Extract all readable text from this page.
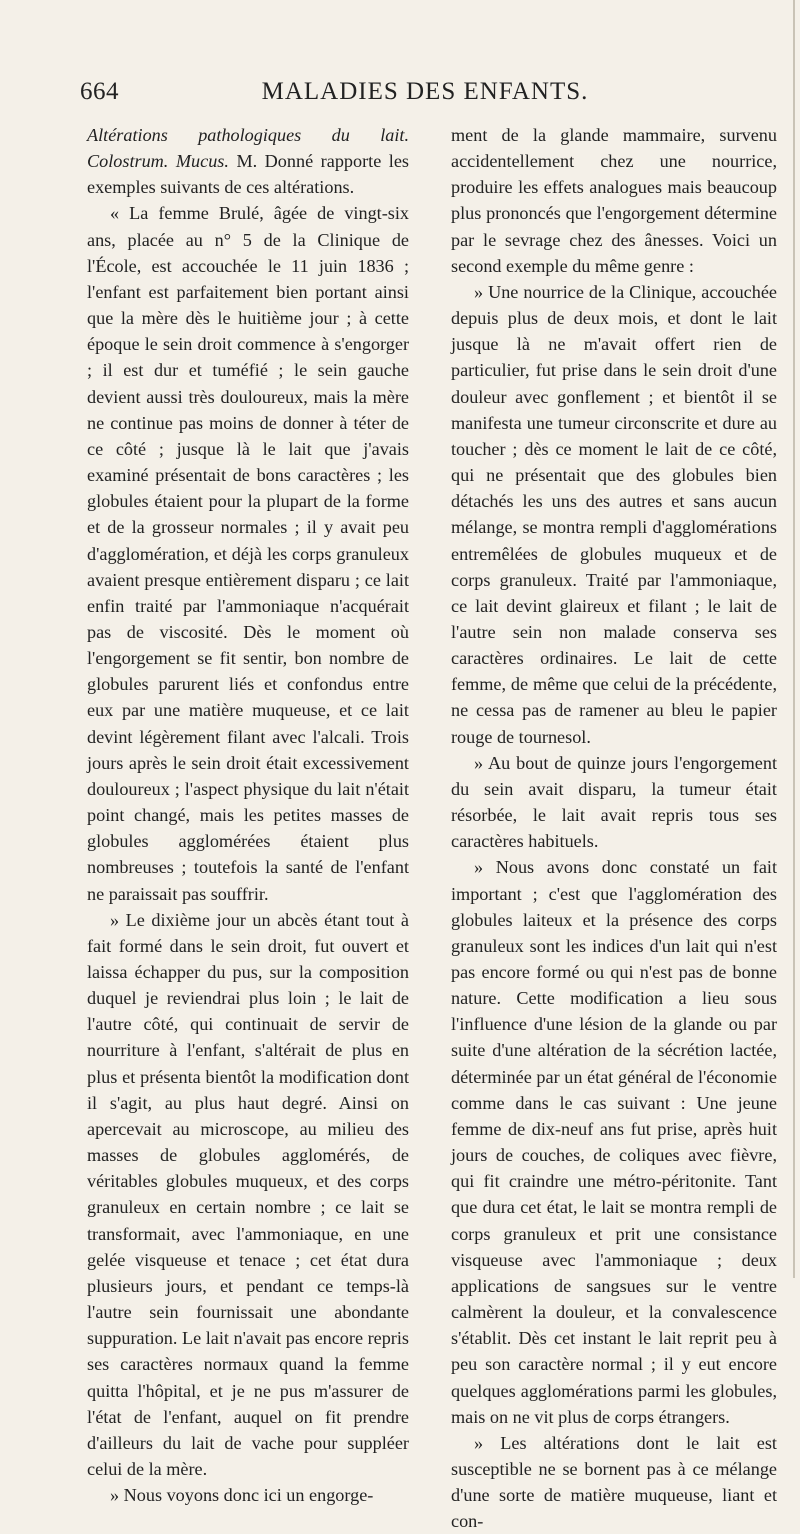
664	MALADIES DES ENFANTS.

Altérations pathologiques du lait. Colostrum. Mucus. M. Donné rapporte les exemples suivants de ces altérations.

« La femme Brulé, âgée de vingt-six ans, placée au n° 5 de la Clinique de l'École, est accouchée le 11 juin 1836 ; l'enfant est parfaitement bien portant ainsi que la mère dès le huitième jour ; à cette époque le sein droit commence à s'engorger ; il est dur et tuméfié ; le sein gauche devient aussi très douloureux, mais la mère ne continue pas moins de donner à téter de ce côté ; jusque là le lait que j'avais examiné présentait de bons caractères ; les globules étaient pour la plupart de la forme et de la grosseur normales ; il y avait peu d'agglomération, et déjà les corps granuleux avaient presque entièrement disparu ; ce lait enfin traité par l'ammoniaque n'acquérait pas de viscosité. Dès le moment où l'engorgement se fit sentir, bon nombre de globules parurent liés et confondus entre eux par une matière muqueuse, et ce lait devint légèrement filant avec l'alcali. Trois jours après le sein droit était excessivement douloureux ; l'aspect physique du lait n'était point changé, mais les petites masses de globules agglomérées étaient plus nombreuses ; toutefois la santé de l'enfant ne paraissait pas souffrir.

» Le dixième jour un abcès étant tout à fait formé dans le sein droit, fut ouvert et laissa échapper du pus, sur la composition duquel je reviendrai plus loin ; le lait de l'autre côté, qui continuait de servir de nourriture à l'enfant, s'altérait de plus en plus et présenta bientôt la modification dont il s'agit, au plus haut degré. Ainsi on apercevait au microscope, au milieu des masses de globules agglomérés, de véritables globules muqueux, et des corps granuleux en certain nombre ; ce lait se transformait, avec l'ammoniaque, en une gelée visqueuse et tenace ; cet état dura plusieurs jours, et pendant ce temps-là l'autre sein fournissait une abondante suppuration. Le lait n'avait pas encore repris ses caractères normaux quand la femme quitta l'hôpital, et je ne pus m'assurer de l'état de l'enfant, auquel on fit prendre d'ailleurs du lait de vache pour suppléer celui de la mère.

» Nous voyons donc ici un engorge-

ment de la glande mammaire, survenu accidentellement chez une nourrice, produire les effets analogues mais beaucoup plus prononcés que l'engorgement détermine par le sevrage chez des ânesses. Voici un second exemple du même genre :

» Une nourrice de la Clinique, accouchée depuis plus de deux mois, et dont le lait jusque là ne m'avait offert rien de particulier, fut prise dans le sein droit d'une douleur avec gonflement ; et bientôt il se manifesta une tumeur circonscrite et dure au toucher ; dès ce moment le lait de ce côté, qui ne présentait que des globules bien détachés les uns des autres et sans aucun mélange, se montra rempli d'agglomérations entremêlées de globules muqueux et de corps granuleux. Traité par l'ammoniaque, ce lait devint glaireux et filant ; le lait de l'autre sein non malade conserva ses caractères ordinaires. Le lait de cette femme, de même que celui de la précédente, ne cessa pas de ramener au bleu le papier rouge de tournesol.

» Au bout de quinze jours l'engorgement du sein avait disparu, la tumeur était résorbée, le lait avait repris tous ses caractères habituels.

» Nous avons donc constaté un fait important ; c'est que l'agglomération des globules laiteux et la présence des corps granuleux sont les indices d'un lait qui n'est pas encore formé ou qui n'est pas de bonne nature. Cette modification a lieu sous l'influence d'une lésion de la glande ou par suite d'une altération de la sécrétion lactée, déterminée par un état général de l'économie comme dans le cas suivant : Une jeune femme de dix-neuf ans fut prise, après huit jours de couches, de coliques avec fièvre, qui fit craindre une métro-péritonite. Tant que dura cet état, le lait se montra rempli de corps granuleux et prit une consistance visqueuse avec l'ammoniaque ; deux applications de sangsues sur le ventre calmèrent la douleur, et la convalescence s'établit. Dès cet instant le lait reprit peu à peu son caractère normal ; il y eut encore quelques agglomérations parmi les globules, mais on ne vit plus de corps étrangers.

» Les altérations dont le lait est susceptible ne se bornent pas à ce mélange d'une sorte de matière muqueuse, liant et con-
